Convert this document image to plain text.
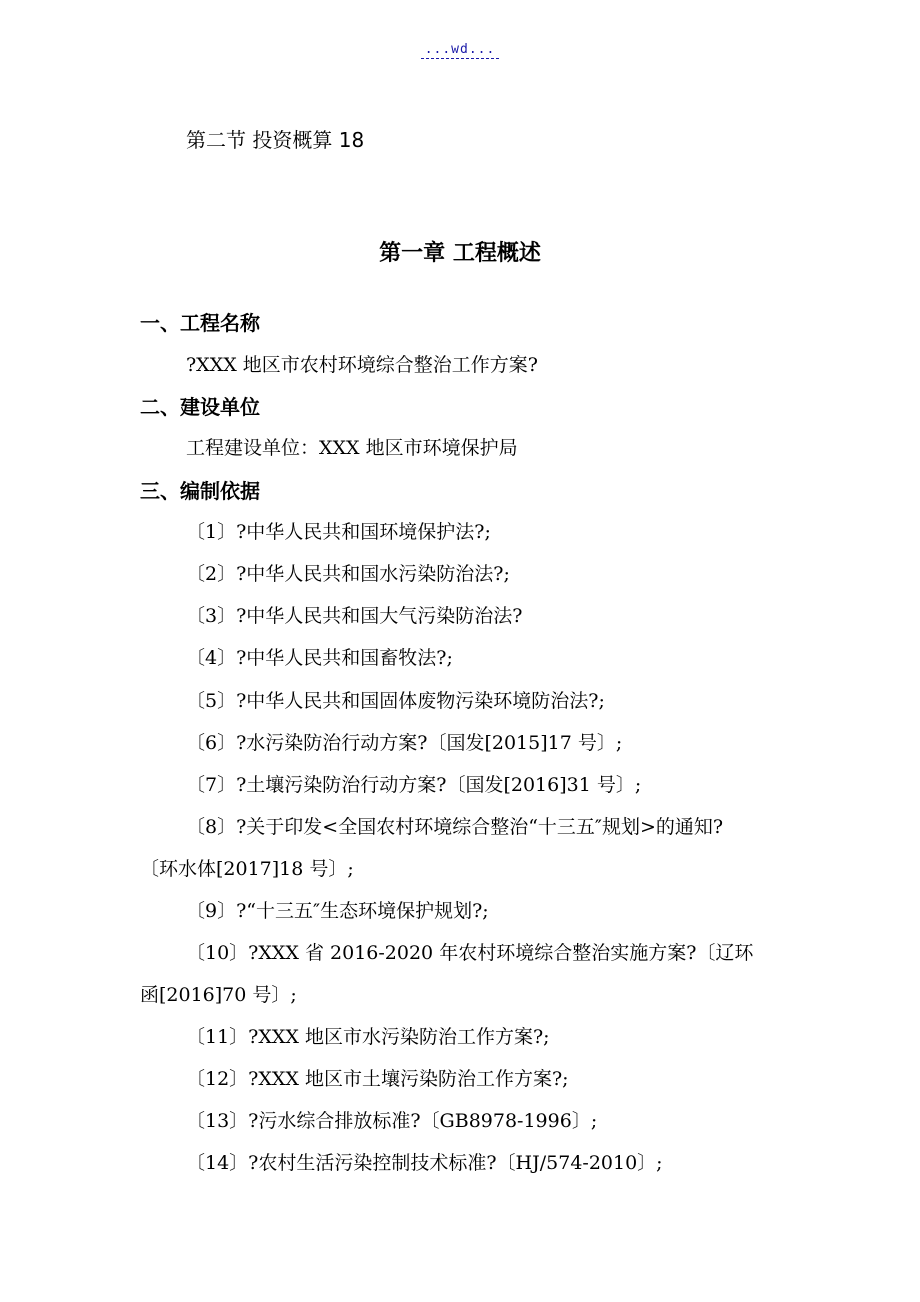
...wd...
第二节 投资概算 18
第一章 工程概述
一、工程名称
?XXX 地区市农村环境综合整治工作方案?
二、建设单位
工程建设单位：XXX 地区市环境保护局
三、编制依据
〔1〕?中华人民共和国环境保护法?;
〔2〕?中华人民共和国水污染防治法?;
〔3〕?中华人民共和国大气污染防治法?
〔4〕?中华人民共和国畜牧法?;
〔5〕?中华人民共和国固体废物污染环境防治法?;
〔6〕?水污染防治行动方案?〔国发[2015]17 号〕;
〔7〕?土壤污染防治行动方案?〔国发[2016]31 号〕;
〔8〕?关于印发<全国农村环境综合整治“十三五″规划>的通知?
〔环水体[2017]18 号〕;
〔9〕?“十三五″生态环境保护规划?;
〔10〕?XXX 省 2016-2020 年农村环境综合整治实施方案?〔辽环
函[2016]70 号〕;
〔11〕?XXX 地区市水污染防治工作方案?;
〔12〕?XXX 地区市土壤污染防治工作方案?;
〔13〕?污水综合排放标准?〔GB8978-1996〕;
〔14〕?农村生活污染控制技术标准?〔HJ/574-2010〕;
